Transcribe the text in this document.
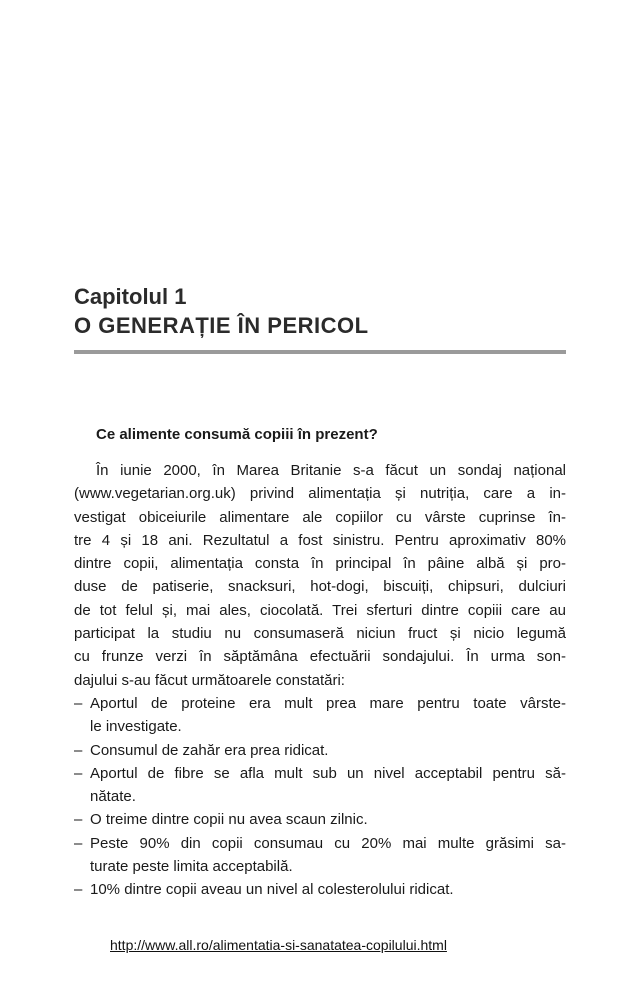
Capitolul 1
O GENERAȚIE ÎN PERICOL
Ce alimente consumă copiii în prezent?
În iunie 2000, în Marea Britanie s-a făcut un sondaj național
(www.vegetarian.org.uk) privind alimentația și nutriția, care a in-
vestigat obiceiurile alimentare ale copiilor cu vârste cuprinse în-
tre 4 și 18 ani. Rezultatul a fost sinistru. Pentru aproximativ 80%
dintre copii, alimentația consta în principal în pâine albă și pro-
duse de patiserie, snacksuri, hot-dogi, biscuiți, chipsuri, dulciuri
de tot felul și, mai ales, ciocolată. Trei sferturi dintre copiii care au
participat la studiu nu consumaseră niciun fruct și nicio legumă
cu frunze verzi în săptămâna efectuării sondajului. În urma son-
dajului s-au făcut următoarele constatări:
– Aportul de proteine era mult prea mare pentru toate vârste-
le investigate.
– Consumul de zahăr era prea ridicat.
– Aportul de fibre se afla mult sub un nivel acceptabil pentru să-
nătate.
– O treime dintre copii nu avea scaun zilnic.
– Peste 90% din copii consumau cu 20% mai multe grăsimi sa-
turate peste limita acceptabilă.
– 10% dintre copii aveau un nivel al colesterolului ridicat.
http://www.all.ro/alimentatia-si-sanatatea-copilului.html
